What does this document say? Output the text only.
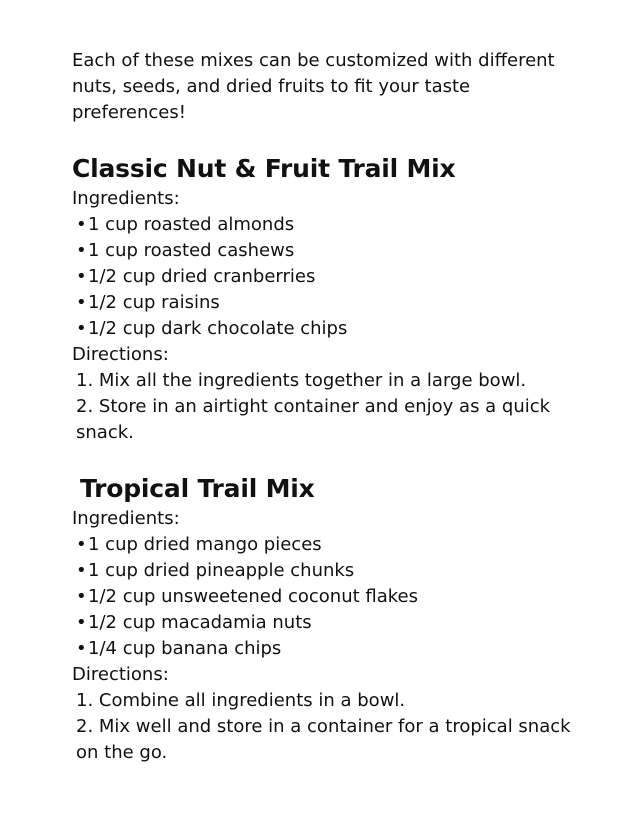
Each of these mixes can be customized with different nuts, seeds, and dried fruits to fit your taste preferences!

Classic Nut & Fruit Trail Mix

Ingredients:

•1 cup roasted almonds
•1 cup roasted cashews
•1/2 cup dried cranberries
•1/2 cup raisins
•1/2 cup dark chocolate chips

Directions:

1. Mix all the ingredients together in a large bowl.
2. Store in an airtight container and enjoy as a quick snack.
Tropical Trail Mix

Ingredients:

•1 cup dried mango pieces
•1 cup dried pineapple chunks
•1/2 cup unsweetened coconut flakes
•1/2 cup macadamia nuts
•1/4 cup banana chips

Directions:

1. Combine all ingredients in a bowl.
2. Mix well and store in a container for a tropical snack on the go.
